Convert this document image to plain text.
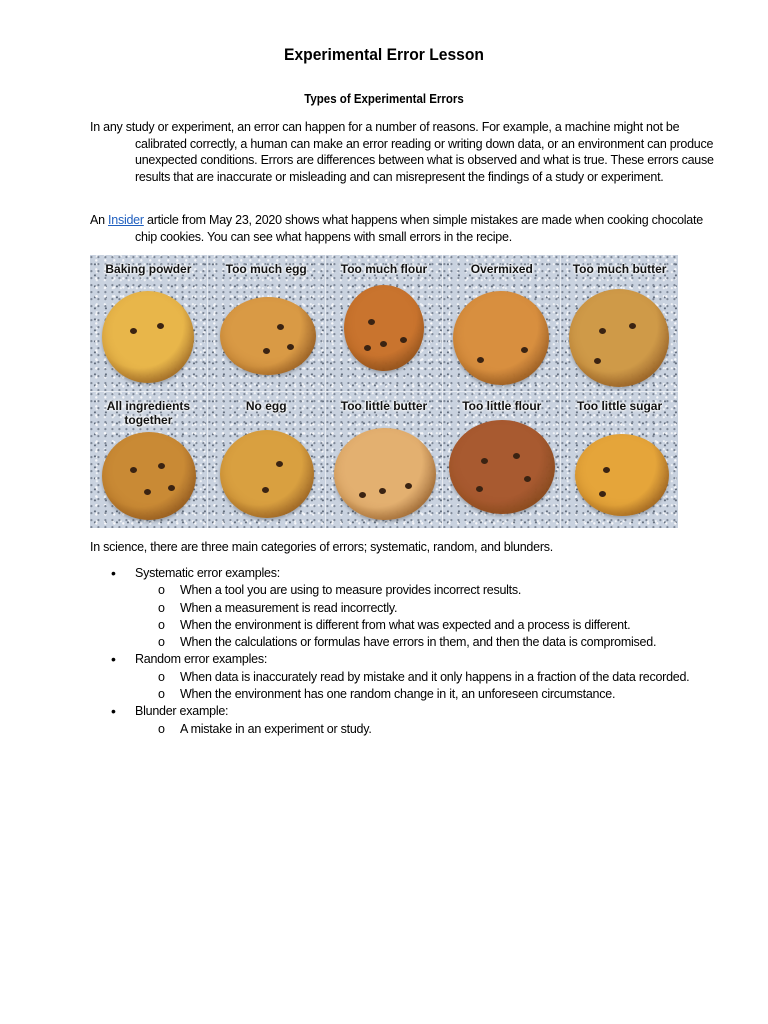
Experimental Error Lesson
Types of Experimental Errors
In any study or experiment, an error can happen for a number of reasons. For example, a machine might not be calibrated correctly, a human can make an error reading or writing down data, or an environment can produce unexpected conditions. Errors are differences between what is observed and what is true. These errors cause results that are inaccurate or misleading and can misrepresent the findings of a study or experiment.
An Insider article from May 23, 2020 shows what happens when simple mistakes are made when cooking chocolate chip cookies. You can see what happens with small errors in the recipe.
Baking powder	Too much egg	Too much flour	Overmixed	Too much butter
All ingredients together
No egg	Too little butter	Too little flour	Too little sugar
In science, there are three main categories of errors; systematic, random, and blunders.
• Systematic error examples:
o When a tool you are using to measure provides incorrect results.
o When a measurement is read incorrectly.
o When the environment is different from what was expected and a process is different.
o When the calculations or formulas have errors in them, and then the data is compromised.
• Random error examples:
o When data is inaccurately read by mistake and it only happens in a fraction of the data recorded.
o When the environment has one random change in it, an unforeseen circumstance.
• Blunder example:
o A mistake in an experiment or study.
